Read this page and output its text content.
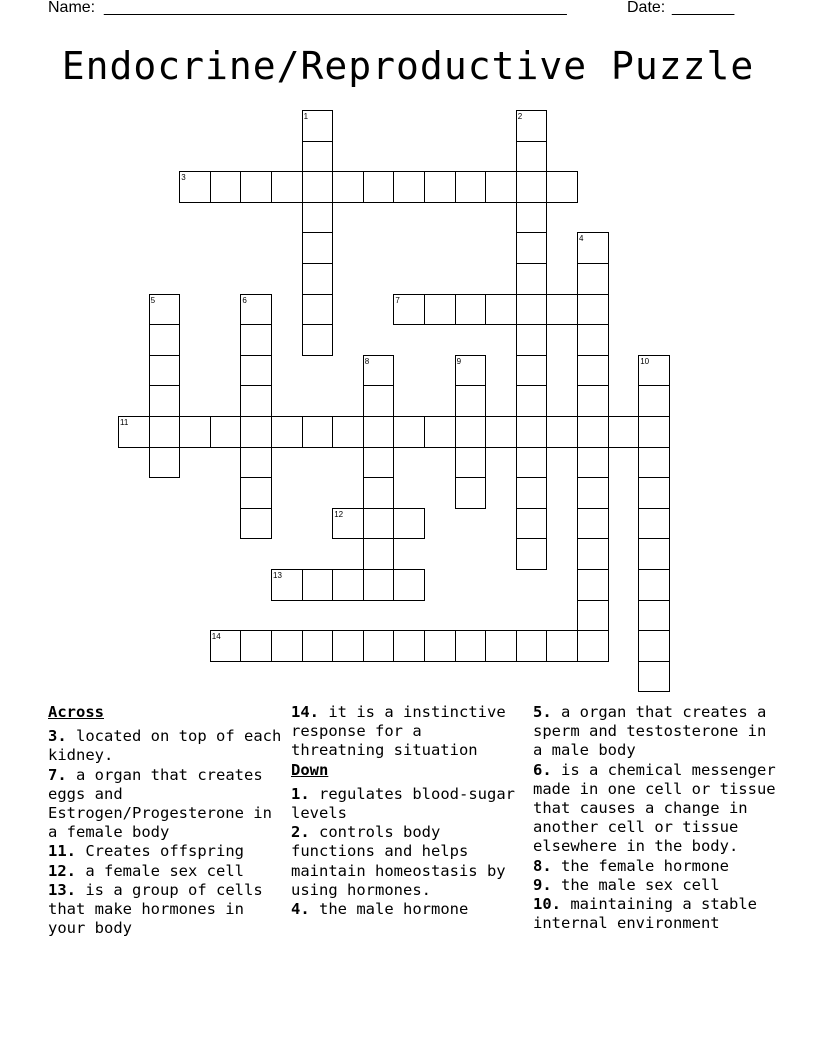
Name: ____________________________________________________	Date: _______
Endocrine/Reproductive Puzzle
3
7
11
12
13
14
1	2
4
5	6
8	9	10
Across
3. located on top of each kidney.
7. a organ that creates eggs and Estrogen/Progesterone in a female body
11. Creates offspring
12. a female sex cell
13. is a group of cells that make hormones in your body
14. it is a instinctive response for a threatning situation
Down
1. regulates blood-sugar levels
2. controls body functions and helps maintain homeostasis by using hormones.
4. the male hormone
5. a organ that creates a sperm and testosterone in a male body
6. is a chemical messenger made in one cell or tissue that causes a change in another cell or tissue elsewhere in the body.
8. the female hormone
9. the male sex cell
10. maintaining a stable internal environment
